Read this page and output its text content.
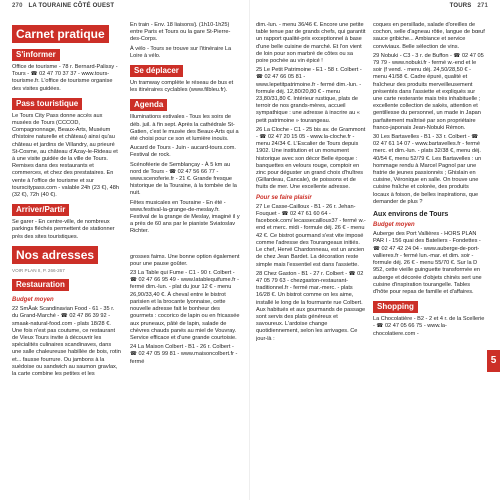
270 LA TOURAINE CÔTÉ OUEST	TOURS 271
Carnet pratique S'informer

Office de tourisme - 78 r. Bernard-Palissy - Tours - ☎ 02 47 70 37 37 - www.tours-tourisme.fr. L'office de tourisme organise des visites guidées.

Pass touristique

Le Tours City Pass donne accès aux musées de Tours (CCCOD, Compagnonnage, Beaux-Arts, Muséum d'histoire naturelle et château) ainsi qu'au château et jardins de Villandry, au prieuré St-Cosme, au château d'Azay-le-Rideau et à une visite guidée de la ville de Tours. Remises dans des restaurants et commerces, et chez des prestataires. En vente à l'office de tourisme et sur tourscitypass.com - valable 24h (23 €), 48h (32 €), 72h (40 €).

Arriver/Partir

Se garer - En centre-ville, de nombreux parkings fléchés permettent de stationner près des sites touristiques.

Nos adresses
VOIR PLAN II, P. 266-267
Restauration
Budget moyen

22 SmÅak Scandinavian Food - 61 - 35 r. du Grand-Marché - ☎ 02 47 86 39 92 - smaak-natural-food.com - plats 18/28 €. Une fois n'est pas coutume, ce restaurant de Vieux Tours invite à découvrir les spécialités culinaires scandinaves, dans une salle chaleureuse habillée de bois, rotin et... fausse fourrure. Ou jambons à la suédoise ou sandwich au saumon gravlax, la carte combine les petites et les

En train - Env. 18 liaisons/j. (1h10-1h25) entre Paris et Tours ou la gare St-Pierre-des-Corps.

À vélo - Tours se trouve sur l'itinéraire La Loire à vélo.

Se déplacer

Un tramway complète le réseau de bus et les itinéraires cyclables (www.filbleu.fr).

Agenda

Illuminations estivales - Tous les soirs de déb. juil. à fin sept. Après la cathédrale St-Gatien, c'est le musée des Beaux-Arts qui a été choisi pour ce son et lumière inouïs.

Aucard de Tours - Juin - aucard-tours.com. Festival de rock.

Scénoféerie de Semblançay - À 5 km au nord de Tours - ☎ 02 47 56 66 77 - www.scenoferie.fr - 21 €. Grande fresque historique de la Touraine, à la tombée de la nuit.

Fêtes musicales en Touraine - En été - www.festival-la-grange-de-meslay.fr. Festival de la grange de Meslay, imaginé il y a près de 60 ans par le pianiste Sviatoslav Richter.

grosses faims. Une bonne option également pour une pause goûter.

23 La Table qui Fume - C1 - 90 r. Colbert - ☎ 02 47 66 95 49 - www.latablequifume.fr - fermé dim.-lun. - plat du jour 12 € - menu 26,90/33,40 €. À cheval entre le bistrot parisien et la brocante lyonnaise, cette nouvelle adresse fait le bonheur des gourmets : cocorico de lapin ou en fricassée aux pruneaux, pâté de lapin, salade de chèvres chauds panés au miel de Vouvray. Service efficace et d'une grande courtoisie.

24 La Maison Colbert - B1 - 26 r. Colbert - ☎ 02 47 05 99 81 - www.maisoncolbert.fr - fermé

dim.-lun. - menu 36/46 €. Encore une petite table tenue par de grands chefs, qui garantit un rapport qualité-prix exceptionnel à base d'une belle cuisine de marché. Et l'on vient de loin pour son marbré de côtes ou sa poire pochée au vin épicé !

25 Le Petit Patrimoine - E1 - 58 r. Colbert - ☎ 02 47 66 05 81 - www.lepetitpatrimoine.fr - fermé dim.-lun. - formule déj. 12,80/20,80 € - menu 23,80/31,80 €. Intérieur rustique, plats de terroir de nos grands-mères, accueil sympathique : une adresse à inscrire au « petit patrimoine » tourangeau.

26 La Cloche - C1 - 25 bis av. de Grammont - ☎ 02 47 20 15 05 - www.la-cloche.fr - menu 24/34 €. L'Escalier de Tours depuis 1902. Une institution et un monument historique avec son décor Belle époque : banquettes en velours rouge, comptoir en zinc pour déguster un grand choix d'huîtres (Gillardeau, Cancale), de poissons et de fruits de mer. Une excellente adresse.

Pour se faire plaisir

27 Le Casse-Cailloux - B1 - 26 r. Jehan-Fouquet - ☎ 02 47 61 60 64 - facebook.com/ lecassecailloux37 - fermé w.-end et merc. midi - formule déj. 26 € - menu 42 €. Ce bistrot gourmand s'est vite imposé comme l'adresse des Tourangeaux initiés. Le chef, Hervé Chardonneau, est un ancien de chez Jean Bardet. La décoration reste simple mais l'essentiel est dans l'assiette.

28 Chez Gaston - B1 - 27 r. Colbert - ☎ 02 47 05 79 63 - chezgaston-restaurant-traditionnel.fr - fermé mar.-merc. - plats 16/28 €. Un bistrot comme on les aime, installé le long de la fourmante rue Colbert. Aux habitués et aux gourmands de passage sont servis des plats généreux et savoureux. L'ardoise change quotidiennement, selon les arrivages. Ce jour-là :

coques en persillade, salade d'oreilles de cochon, selle d'agneau rôtie, langue de bœuf sauce gribiche... Ambiance et service conviviaux. Belle sélection de vins.

29 Nobuki - C3 - 3 r. de Buffon - ☎ 02 47 05 79 79 - www.nobuki.fr - fermé w.-end et le soir (f vend. - menu déj. 24,50/28,50 € - menu 41/58 €. Cadre épuré, qualité et fraîcheur des produits merveilleusement présentés dans l'assiette et expliqués sur une carte resterante mais très inhabituelle ; excellente collection de sakés, attention et gentillesse du personnel, un made in Japan parfaitement maîtrisé par son propriétaire franco-japonais Jean-Nobuki Rémon.

30 Les Bartavelles - B1 - 33 r. Colbert - ☎ 02 47 61 14 07 - www.bartavelles.fr - fermé merc. et dim.-lun. - plats 32/38 €, menu déj. 40/54 €, menu 52/79 €. Les Bartavelles : un hommage rendu à Marcel Pagnol par une fratrie de jeunes passionnés ; Ghislain en cuisine, Véronique en salle. On trouve une cuisine fraîche et colorée, des produits locaux à foison, de belles inspirations, que demander de plus ?

Aux environs de Tours
Budget moyen

Auberge des Port Vallières - HORS PLAN PAR I - 156 quai des Bateliers - Fondettes - ☎ 02 47 42 24 04 - www.auberge-de-port-vallieres.fr - fermé lun.-mar. et dim. soir - formule déj. 26 € - menu 55/70 €. Sur la D 952, cette vieille guinguette transformée en auberge et décorée d'objets chinés sert une cuisine d'inspiration tourangelle. Tables d'hôte pour repas de famille et d'affaires.

Shopping

La Chocolatière - B2 - 2 et 4 r. de la Scellerie - ☎ 02 47 05 66 75 - www.la-chocolatiere.com -

5
